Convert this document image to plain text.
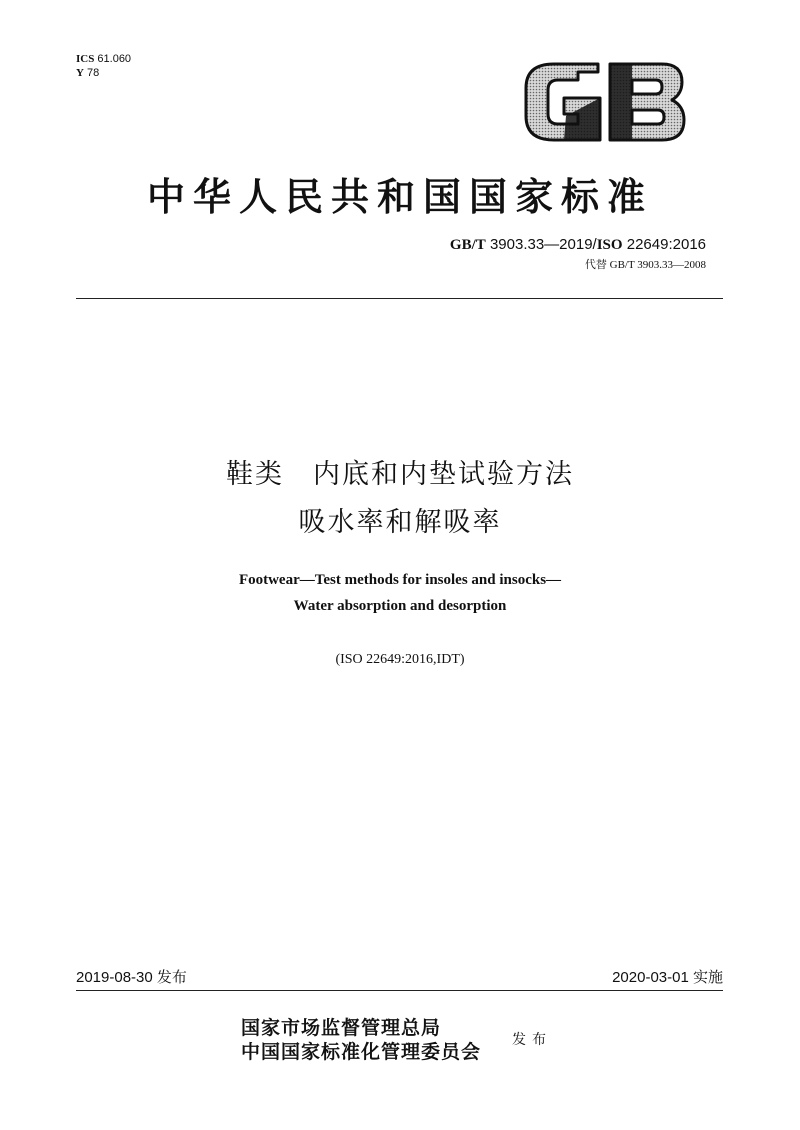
ICS 61.060
Y 78
中华人民共和国国家标准
GB/T 3903.33—2019/ISO 22649:2016
代替 GB/T 3903.33—2008
鞋类　内底和内垫试验方法
吸水率和解吸率
Footwear—Test methods for insoles and insocks—
Water absorption and desorption
(ISO 22649:2016,IDT)
2019-08-30 发布	2020-03-01 实施
国家市场监督管理总局
中国国家标准化管理委员会
发布
